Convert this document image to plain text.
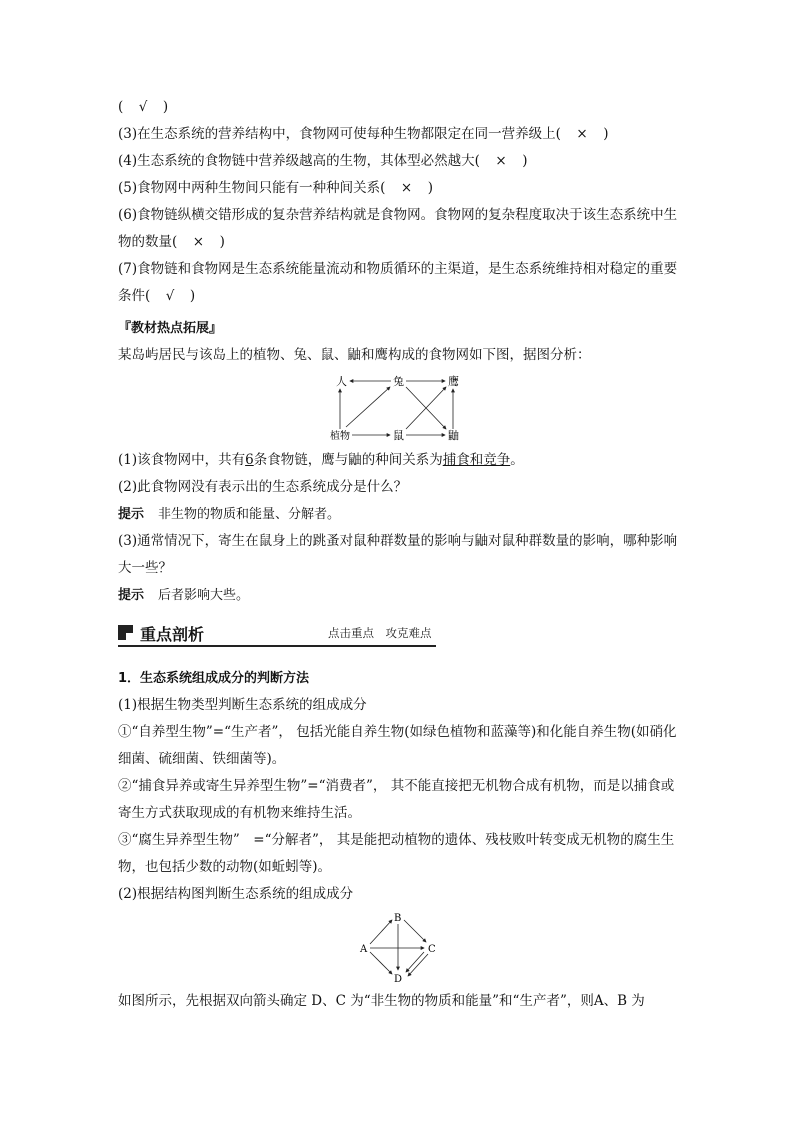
(　√　)
(3)在生态系统的营养结构中，食物网可使每种生物都限定在同一营养级上(　×　)
(4)生态系统的食物链中营养级越高的生物，其体型必然越大(　×　)
(5)食物网中两种生物间只能有一种种间关系(　×　)
(6)食物链纵横交错形成的复杂营养结构就是食物网。食物网的复杂程度取决于该生态系统中生物的数量(　×　)
(7)食物链和食物网是生态系统能量流动和物质循环的主渠道，是生态系统维持相对稳定的重要条件(　√　)
『教材热点拓展』
某岛屿居民与该岛上的植物、兔、鼠、鼬和鹰构成的食物网如下图，据图分析：
人	兔	鹰
植物	鼠	鼬
(1)该食物网中，共有6条食物链，鹰与鼬的种间关系为捕食和竞争。
(2)此食物网没有表示出的生态系统成分是什么？
提示 非生物的物质和能量、分解者。
(3)通常情况下，寄生在鼠身上的跳蚤对鼠种群数量的影响与鼬对鼠种群数量的影响，哪种影响大一些？
提示 后者影响大些。
重点剖析	点击重点　攻克难点
1．生态系统组成成分的判断方法
(1)根据生物类型判断生态系统的组成成分
①“自养型生物”=“生产者”， 包括光能自养生物(如绿色植物和蓝藻等)和化能自养生物(如硝化细菌、硫细菌、铁细菌等)。
②“捕食异养或寄生异养型生物”=“消费者”， 其不能直接把无机物合成有机物，而是以捕食或寄生方式获取现成的有机物来维持生活。
③“腐生异养型生物”　=“分解者”， 其是能把动植物的遗体、残枝败叶转变成无机物的腐生生物，也包括少数的动物(如蚯蚓等)。
(2)根据结构图判断生态系统的组成成分
B
A	C
D
如图所示，先根据双向箭头确定 D、C 为“非生物的物质和能量”和“生产者”，则A、B 为
